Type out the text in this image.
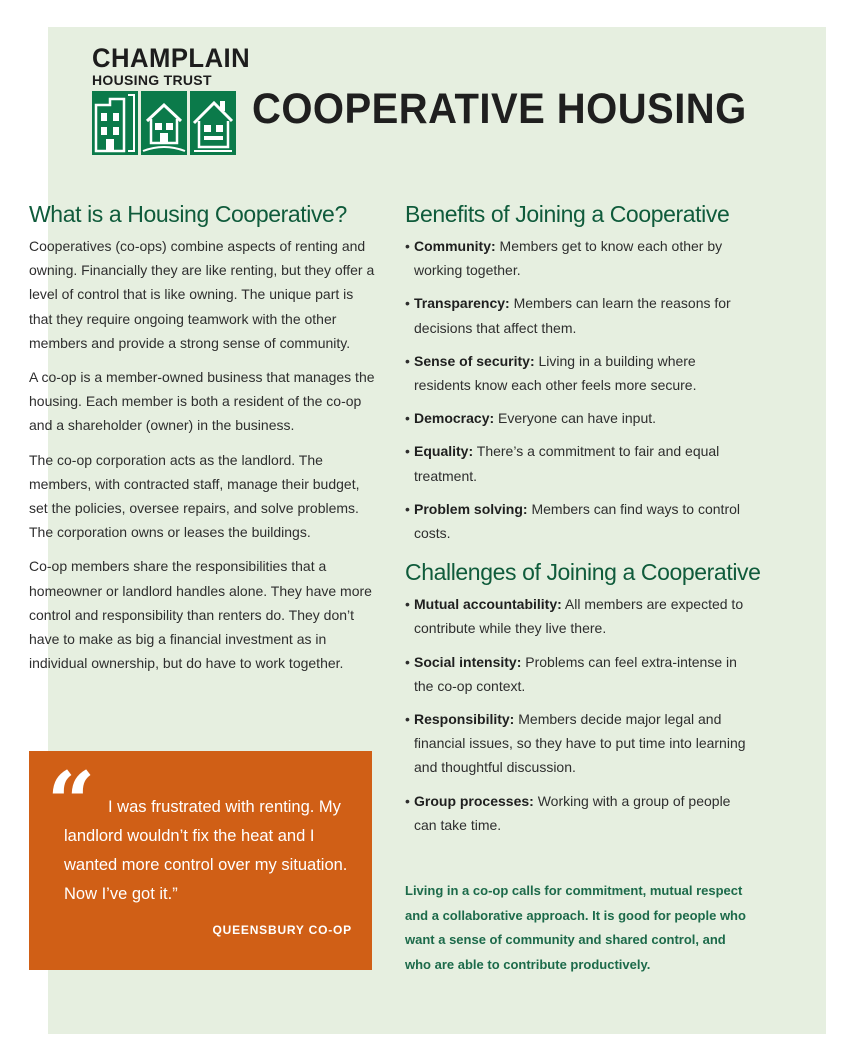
CHAMPLAIN
HOUSING TRUST
COOPERATIVE HOUSING
What is a Housing Cooperative?

Cooperatives (co-ops) combine aspects of renting and owning. Financially they are like renting, but they offer a level of control that is like owning. The unique part is that they require ongoing teamwork with the other members and provide a strong sense of community.

A co-op is a member-owned business that manages the housing. Each member is both a resident of the co-op and a shareholder (owner) in the business.

The co-op corporation acts as the landlord. The members, with contracted staff, manage their budget, set the policies, oversee repairs, and solve problems. The corporation owns or leases the buildings.

Co-op members share the responsibilities that a homeowner or landlord handles alone. They have more control and responsibility than renters do. They don’t have to make as big a financial investment as in individual ownership, but do have to work together.

“ I was frustrated with renting. My landlord wouldn’t fix the heat and I wanted more control over my situation. Now I’ve got it.”
QUEENSBURY CO-OP
Benefits of Joining a Cooperative
• Community: Members get to know each other by working together.
• Transparency: Members can learn the reasons for decisions that affect them.
• Sense of security: Living in a building where residents know each other feels more secure.
• Democracy: Everyone can have input.
• Equality: There’s a commitment to fair and equal treatment.
• Problem solving: Members can find ways to control costs.
Challenges of Joining a Cooperative
• Mutual accountability: All members are expected to contribute while they live there.
• Social intensity: Problems can feel extra-intense in the co-op context.
• Responsibility: Members decide major legal and financial issues, so they have to put time into learning and thoughtful discussion.
• Group processes: Working with a group of people can take time.

Living in a co-op calls for commitment, mutual respect and a collaborative approach. It is good for people who want a sense of community and shared control, and who are able to contribute productively.
